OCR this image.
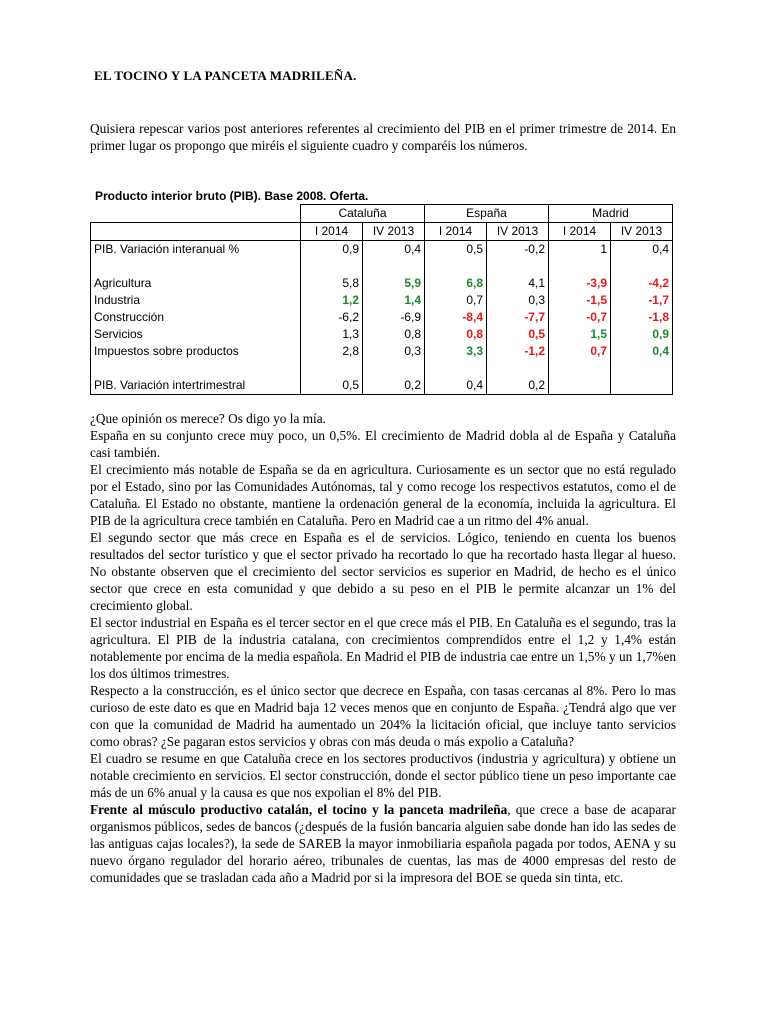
EL TOCINO Y LA PANCETA MADRILEÑA.
Quisiera repescar varios post anteriores referentes al crecimiento del PIB en el primer trimestre de 2014. En primer lugar os propongo que miréis el siguiente cuadro y comparéis los números.
Producto interior bruto (PIB). Base 2008. Oferta.
	Cataluña		España		Madrid	
	I 2014	IV 2013	I 2014	IV 2013	I 2014	IV 2013
PIB. Variación interanual %	0,9	0,4	0,5	-0,2	1	0,4

Agricultura	5,8	5,9	6,8	4,1	-3,9	-4,2
Industria	1,2	1,4	0,7	0,3	-1,5	-1,7
Construcción	-6,2	-6,9	-8,4	-7,7	-0,7	-1,8
Servicios	1,3	0,8	0,8	0,5	1,5	0,9
Impuestos sobre productos	2,8	0,3	3,3	-1,2	0,7	0,4

PIB. Variación intertrimestral	0,5	0,2	0,4	0,2		

¿Que opinión os merece? Os digo yo la mía.

España en su conjunto crece muy poco, un 0,5%. El crecimiento de Madrid dobla al de España y Cataluña casi también.

El crecimiento más notable de España se da en agricultura. Curiosamente es un sector que no está regulado por el Estado, sino por las Comunidades Autónomas, tal y como recoge los respectivos estatutos, como el de Cataluña. El Estado no obstante, mantiene la ordenación general de la economía, incluida la agricultura. El PIB de la agricultura crece también en Cataluña. Pero en Madrid cae a un ritmo del 4% anual.

El segundo sector que más crece en España es el de servicios. Lógico, teniendo en cuenta los buenos resultados del sector turístico y que el sector privado ha recortado lo que ha recortado hasta llegar al hueso. No obstante observen que el crecimiento del sector servicios es superior en Madrid, de hecho es el único sector que crece en esta comunidad y que debido a su peso en el PIB le permite alcanzar un 1% del crecimiento global.

El sector industrial en España es el tercer sector en el que crece más el PIB. En Cataluña es el segundo, tras la agricultura. El PIB de la industria catalana, con crecimientos comprendidos entre el 1,2 y 1,4% están notablemente por encima de la media española. En Madrid el PIB de industria cae entre un 1,5% y un 1,7%en los dos últimos trimestres.

Respecto a la construcción, es el único sector que decrece en España, con tasas cercanas al 8%. Pero lo mas curioso de este dato es que en Madrid baja 12 veces menos que en conjunto de España. ¿Tendrá algo que ver con que la comunidad de Madrid ha aumentado un 204% la licitación oficial, que incluye tanto servicios como obras? ¿Se pagaran estos servicios y obras con más deuda o más expolio a Cataluña?

El cuadro se resume en que Cataluña crece en los sectores productivos (industria y agricultura) y obtiene un notable crecimiento en servicios. El sector construcción, donde el sector público tiene un peso importante cae más de un 6% anual y la causa es que nos expolian el 8% del PIB.

Frente al músculo productivo catalán, el tocino y la panceta madrileña, que crece a base de acaparar organismos públicos, sedes de bancos (¿después de la fusión bancaria alguien sabe donde han ido las sedes de las antiguas cajas locales?), la sede de SAREB la mayor inmobiliaria española pagada por todos, AENA y su nuevo órgano regulador del horario aéreo, tribunales de cuentas, las mas de 4000 empresas del resto de comunidades que se trasladan cada año a Madrid por si la impresora del BOE se queda sin tinta, etc.
